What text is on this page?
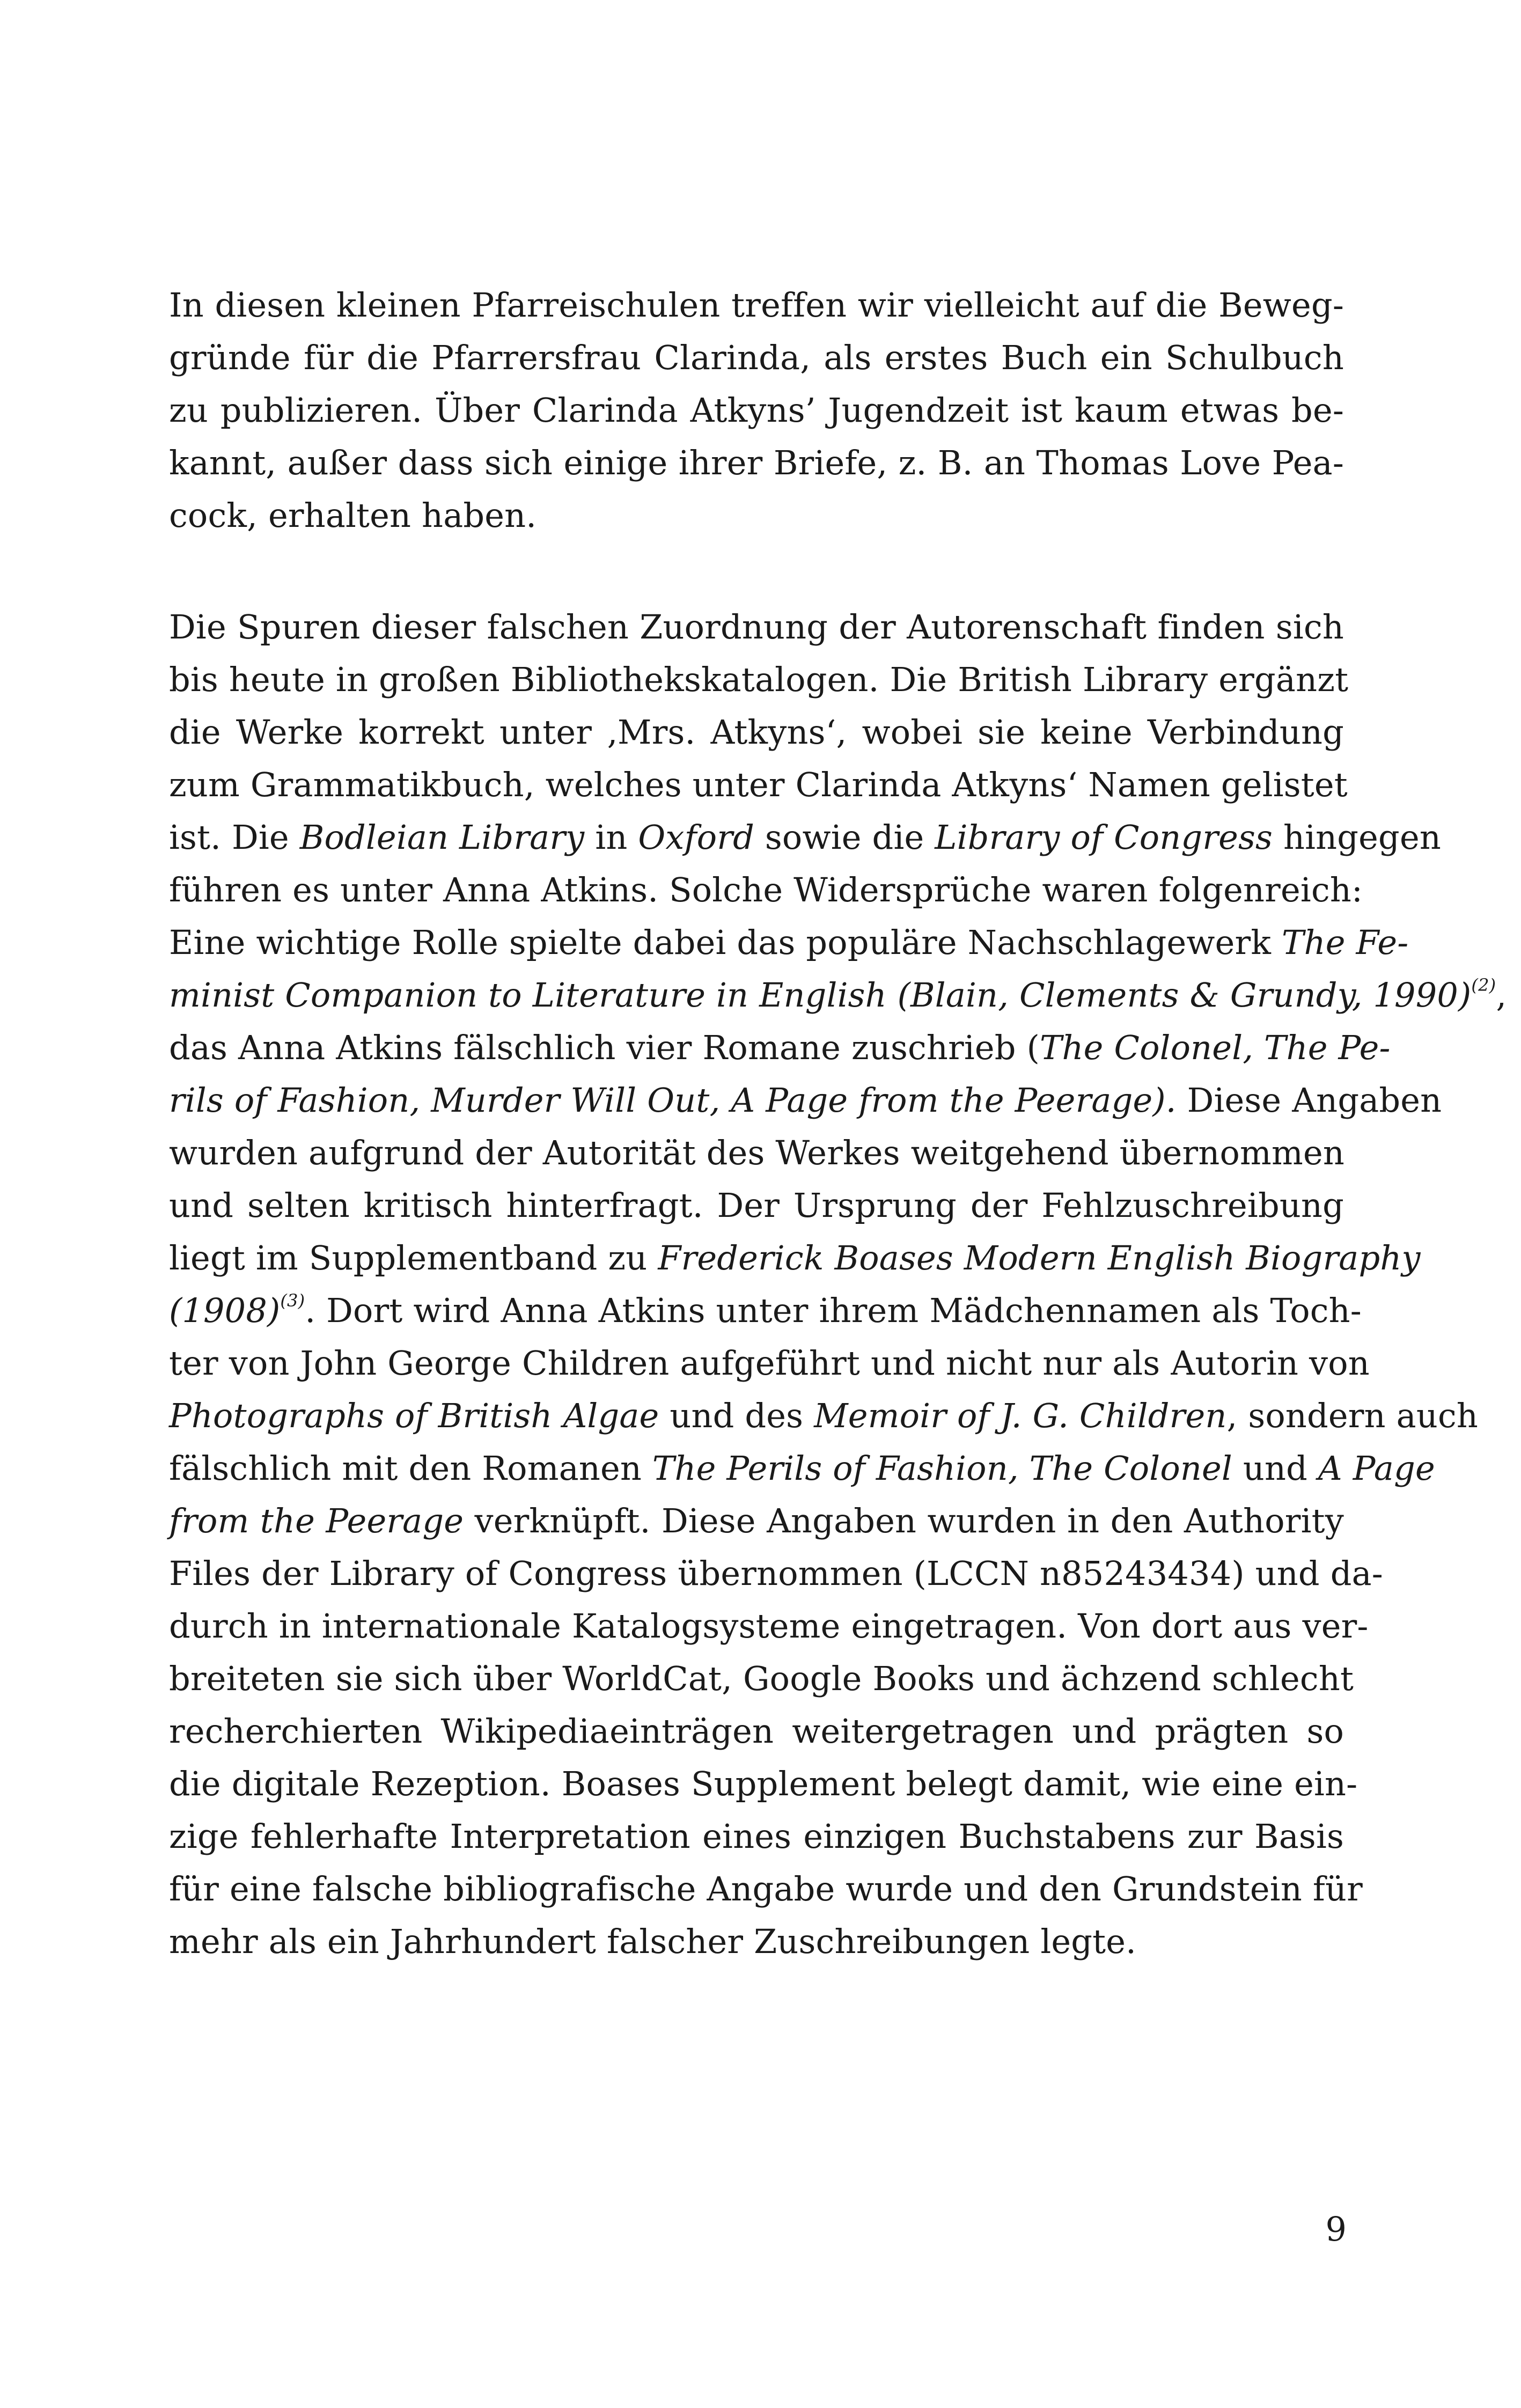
In diesen kleinen Pfarreischulen treffen wir vielleicht auf die Beweg-
gründe für die Pfarrersfrau Clarinda, als erstes Buch ein Schulbuch
zu publizieren. Über Clarinda Atkyns’ Jugendzeit ist kaum etwas be-
kannt, außer dass sich einige ihrer Briefe, z. B. an Thomas Love Pea-
cock, erhalten haben.

Die Spuren dieser falschen Zuordnung der Autorenschaft finden sich
bis heute in großen Bibliothekskatalogen. Die British Library ergänzt
die Werke korrekt unter ‚Mrs. Atkyns‘, wobei sie keine Verbindung
zum Grammatikbuch, welches unter Clarinda Atkyns‘ Namen gelistet
ist. Die Bodleian Library in Oxford sowie die Library of Congress hingegen
führen es unter Anna Atkins. Solche Widersprüche waren folgenreich:
Eine wichtige Rolle spielte dabei das populäre Nachschlagewerk The Fe-
minist Companion to Literature in English (Blain, Clements & Grundy, 1990)$^{(2)}$,
das Anna Atkins fälschlich vier Romane zuschrieb (The Colonel, The Pe-
rils of Fashion, Murder Will Out, A Page from the Peerage). Diese Angaben
wurden aufgrund der Autorität des Werkes weitgehend übernommen
und selten kritisch hinterfragt. Der Ursprung der Fehlzuschreibung
liegt im Supplementband zu Frederick Boases Modern English Biography
$(1908)^{(3)}$. Dort wird Anna Atkins unter ihrem Mädchennamen als Toch-
ter von John George Children aufgeführt und nicht nur als Autorin von
Photographs of British Algae und des Memoir of J. G. Children, sondern auch
fälschlich mit den Romanen The Perils of Fashion, The Colonel und A Page
from the Peerage verknüpft. Diese Angaben wurden in den Authority
Files der Library of Congress übernommen (LCCN n85243434) und da-
durch in internationale Katalogsysteme eingetragen. Von dort aus ver-
breiteten sie sich über WorldCat, Google Books und ächzend schlecht
recherchierten Wikipediaeinträgen weitergetragen und prägten so
die digitale Rezeption. Boases Supplement belegt damit, wie eine ein-
zige fehlerhafte Interpretation eines einzigen Buchstabens zur Basis
für eine falsche bibliografische Angabe wurde und den Grundstein für
mehr als ein Jahrhundert falscher Zuschreibungen legte.

9
